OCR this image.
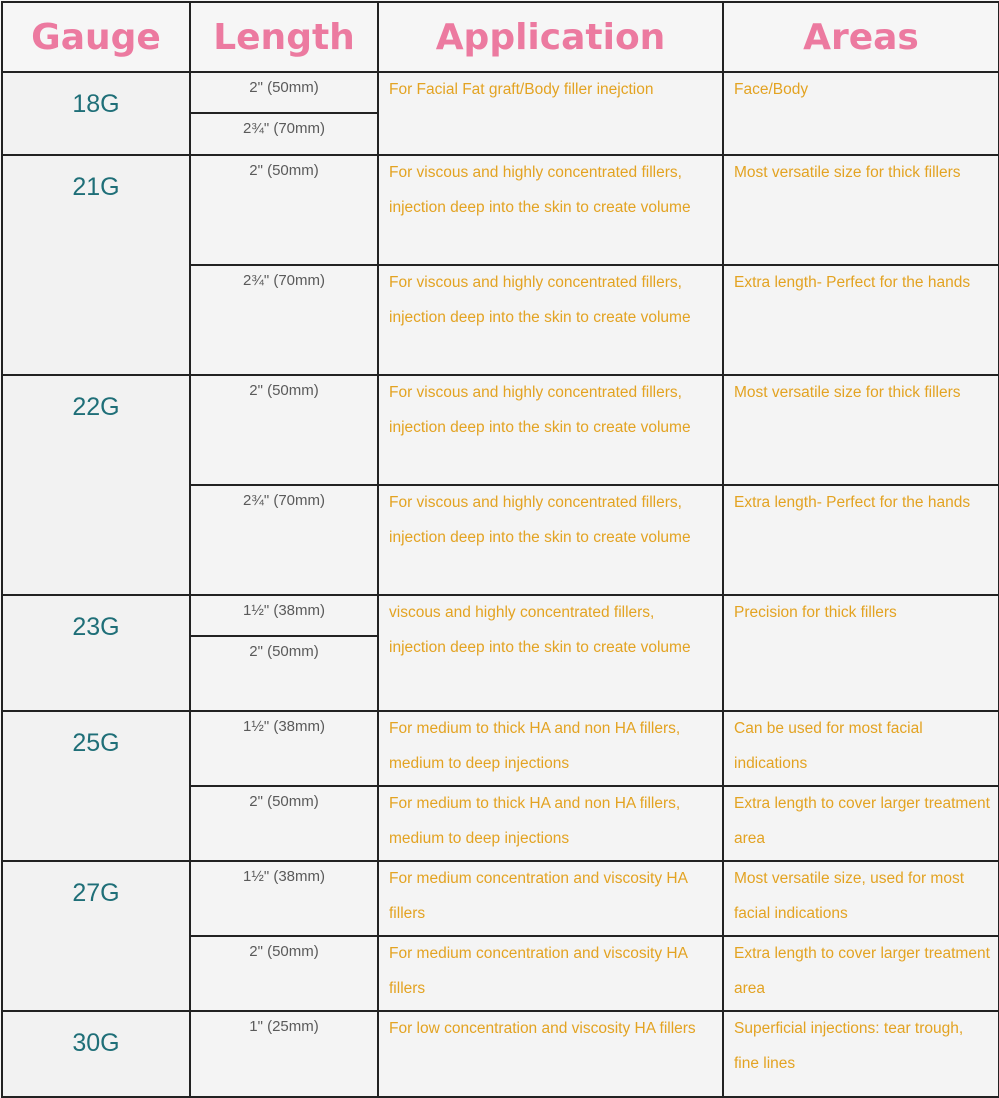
Gauge	Length	Application	Areas
18G	2" (50mm)	For Facial Fat graft/Body filler inejction	Face/Body
	2¾" (70mm)		
21G	2" (50mm)	For viscous and highly concentrated fillers, injection deep into the skin to create volume	Most versatile size for thick fillers
	2¾" (70mm)	For viscous and highly concentrated fillers, injection deep into the skin to create volume	Extra length- Perfect for the hands
22G	2" (50mm)	For viscous and highly concentrated fillers, injection deep into the skin to create volume	Most versatile size for thick fillers
	2¾" (70mm)	For viscous and highly concentrated fillers, injection deep into the skin to create volume	Extra length- Perfect for the hands
23G	1½" (38mm)	viscous and highly concentrated fillers, injection deep into the skin to create volume	Precision for thick fillers
	2" (50mm)		
25G	1½" (38mm)	For medium to thick HA and non HA fillers, medium to deep injections	Can be used for most facial indications
	2" (50mm)	For medium to thick HA and non HA fillers, medium to deep injections	Extra length to cover larger treatment area
27G	1½" (38mm)	For medium concentration and viscosity HA fillers	Most versatile size, used for most facial indications
	2" (50mm)	For medium concentration and viscosity HA fillers	Extra length to cover larger treatment area
30G	1" (25mm)	For low concentration and viscosity HA fillers	Superficial injections: tear trough, fine lines
